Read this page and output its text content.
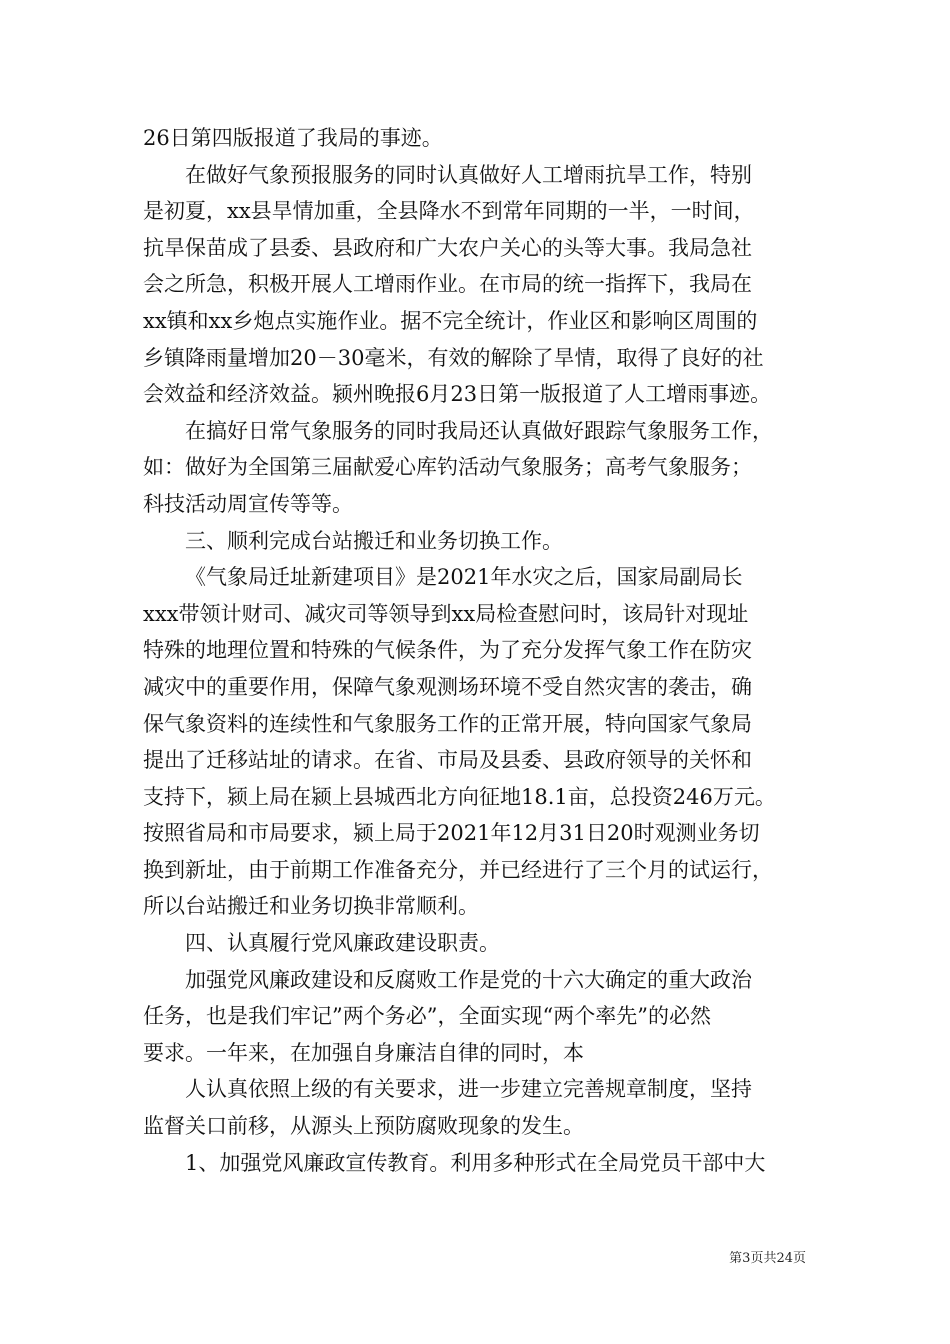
26日第四版报道了我局的事迹。

在做好气象预报服务的同时认真做好人工增雨抗旱工作，特别
是初夏，xx县旱情加重，全县降水不到常年同期的一半，一时间，
抗旱保苗成了县委、县政府和广大农户关心的头等大事。我局急社
会之所急，积极开展人工增雨作业。在市局的统一指挥下，我局在
xx镇和xx乡炮点实施作业。据不完全统计，作业区和影响区周围的
乡镇降雨量增加20－30毫米，有效的解除了旱情，取得了良好的社
会效益和经济效益。颍州晚报6月23日第一版报道了人工增雨事迹。

在搞好日常气象服务的同时我局还认真做好跟踪气象服务工作，
如：做好为全国第三届献爱心库钓活动气象服务；高考气象服务；
科技活动周宣传等等。

三、顺利完成台站搬迁和业务切换工作。

《气象局迁址新建项目》是2021年水灾之后，国家局副局长
xxx带领计财司、减灾司等领导到xx局检查慰问时，该局针对现址
特殊的地理位置和特殊的气候条件，为了充分发挥气象工作在防灾
减灾中的重要作用，保障气象观测场环境不受自然灾害的袭击，确
保气象资料的连续性和气象服务工作的正常开展，特向国家气象局
提出了迁移站址的请求。在省、市局及县委、县政府领导的关怀和
支持下，颍上局在颍上县城西北方向征地18.1亩，总投资246万元。
按照省局和市局要求，颍上局于2021年12月31日20时观测业务切
换到新址，由于前期工作准备充分，并已经进行了三个月的试运行，
所以台站搬迁和业务切换非常顺利。

四、认真履行党风廉政建设职责。

加强党风廉政建设和反腐败工作是党的十六大确定的重大政治
任务，也是我们牢记”两个务必”，全面实现“两个率先”的必然
要求。一年来，在加强自身廉洁自律的同时，本

人认真依照上级的有关要求，进一步建立完善规章制度，坚持
监督关口前移，从源头上预防腐败现象的发生。

1、加强党风廉政宣传教育。利用多种形式在全局党员干部中大

第3页共24页
